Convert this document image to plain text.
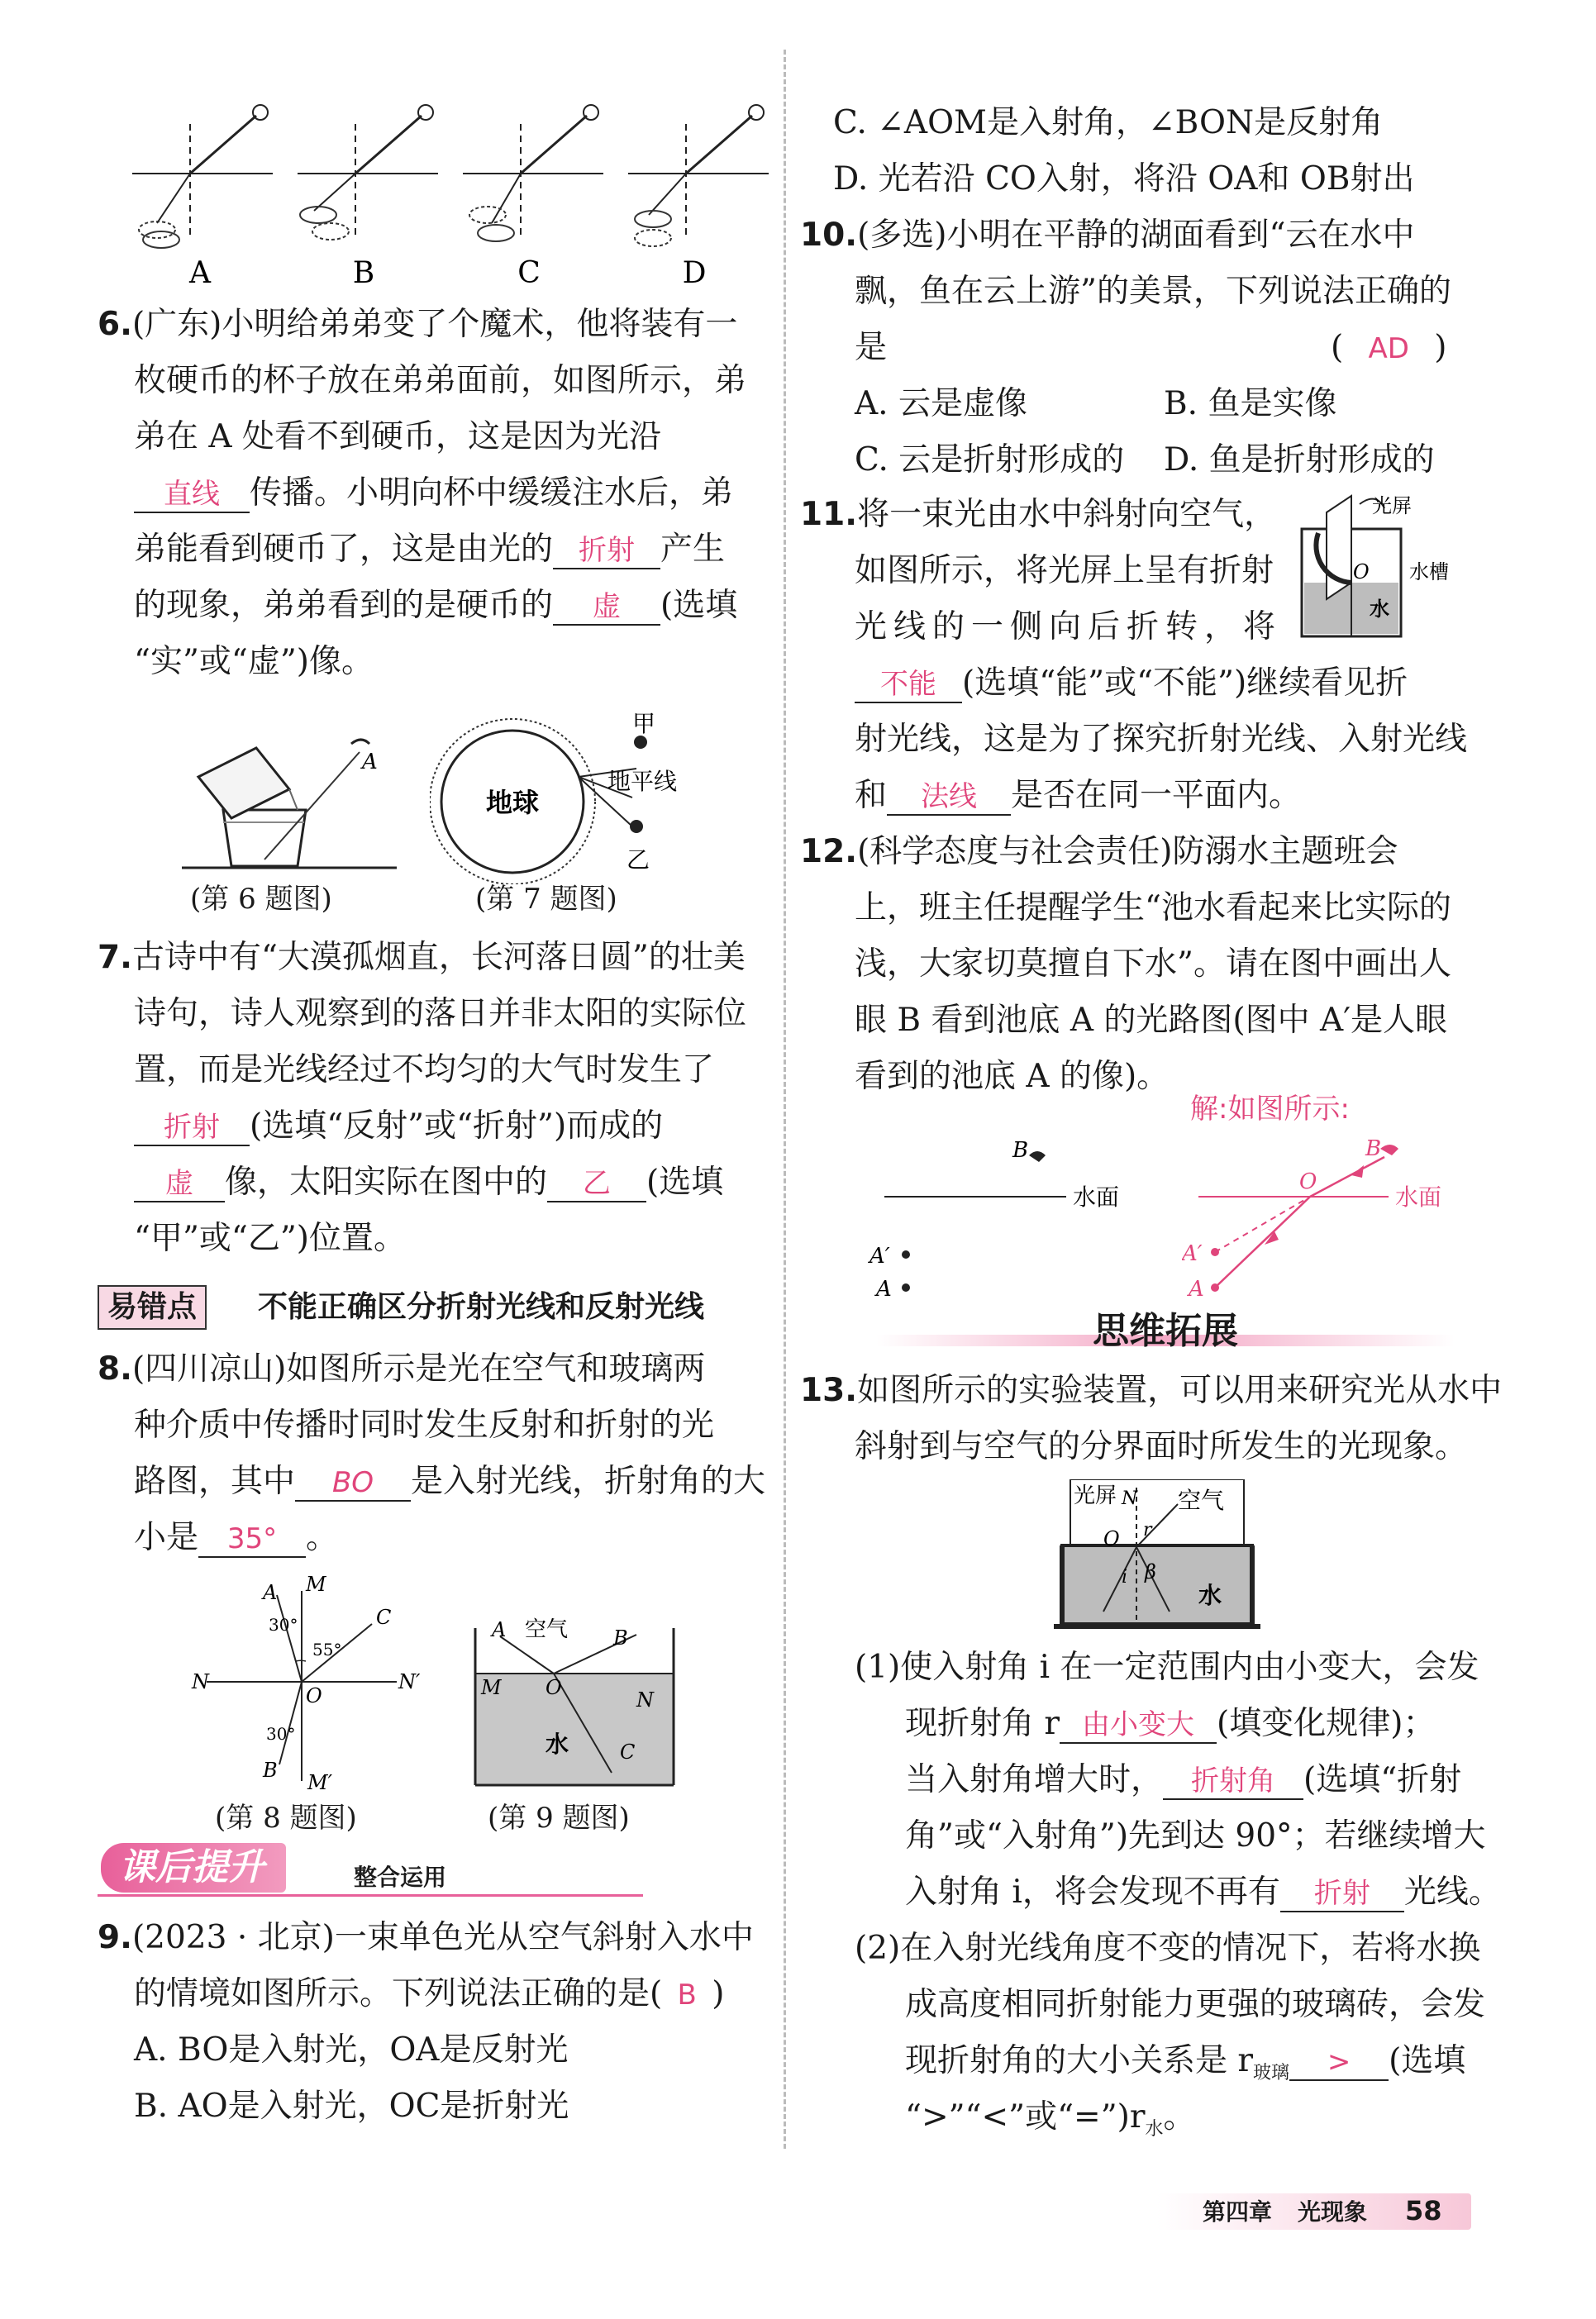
A	B	C	D
6.(广东)小明给弟弟变了个魔术，他将装有一
枚硬币的杯子放在弟弟面前，如图所示，弟
弟在 A 处看不到硬币，这是因为光沿
直线 传播。小明向杯中缓缓注水后，弟
弟能看到硬币了，这是由光的 折射 产生
的现象，弟弟看到的是硬币的 虚 (选填
“实”或“虚”)像。
A
(第 6 题图)
地球
甲
地平线
乙
(第 7 题图)
7.古诗中有“大漠孤烟直，长河落日圆”的壮美
诗句，诗人观察到的落日并非太阳的实际位
置，而是光线经过不均匀的大气时发生了
折射 (选填“反射”或“折射”)而成的
虚 像，太阳实际在图中的 乙 (选填
“甲”或“乙”)位置。
易错点	不能正确区分折射光线和反射光线
8.(四川凉山)如图所示是光在空气和玻璃两
种介质中传播时同时发生反射和折射的光
路图，其中 BO 是入射光线，折射角的大
小是 35° 。
A M
C
N	N′
O
B
M′
30°
55°
30°
(第 8 题图)
A 空气 B
M O
N
水	C
(第 9 题图)
课后提升	整合运用
9.(2023 · 北京)一束单色光从空气斜射入水中
的情境如图所示。下列说法正确的是( B )
A. BO是入射光，OA是反射光
B. AO是入射光，OC是折射光
C. ∠AOM是入射角，∠BON是反射角
D. 光若沿 CO入射，将沿 OA和 OB射出
10.(多选)小明在平静的湖面看到“云在水中
飘，鱼在云上游”的美景，下列说法正确的
是	( AD )
A. 云是虚像	B. 鱼是实像
C. 云是折射形成的 D. 鱼是折射形成的
11.将一束光由水中斜射向空气，
如图所示，将光屏上呈有折射
光线的一侧向后折转，将
不能 (选填“能”或“不能”)继续看见折
射光线，这是为了探究折射光线、入射光线
和 法线 是否在同一平面内。
光屏
水槽
水
O
12.(科学态度与社会责任)防溺水主题班会
上，班主任提醒学生“池水看起来比实际的
浅，大家切莫擅自下水”。请在图中画出人
眼 B 看到池底 A 的光路图(图中 A′是人眼
看到的池底 A 的像)。
解:如图所示:
B
水面
A′
A
B
O
水面
A′
A
思维拓展
13.如图所示的实验装置，可以用来研究光从水中
斜射到与空气的分界面时所发生的光现象。
光屏 N 空气
O r
i β
水
(1)使入射角 i 在一定范围内由小变大，会发
现折射角 r 由小变大 (填变化规律)；
当入射角增大时， 折射角 (选填“折射
角”或“入射角”)先到达 90°；若继续增大
入射角 i，将会发现不再有 折射 光线。
(2)在入射光线角度不变的情况下，若将水换
成高度相同折射能力更强的玻璃砖，会发
现折射角的大小关系是 $r_{玻璃}$ > (选填
“>”“<”或“$=”)r_水$。
第四章 光现象 58
